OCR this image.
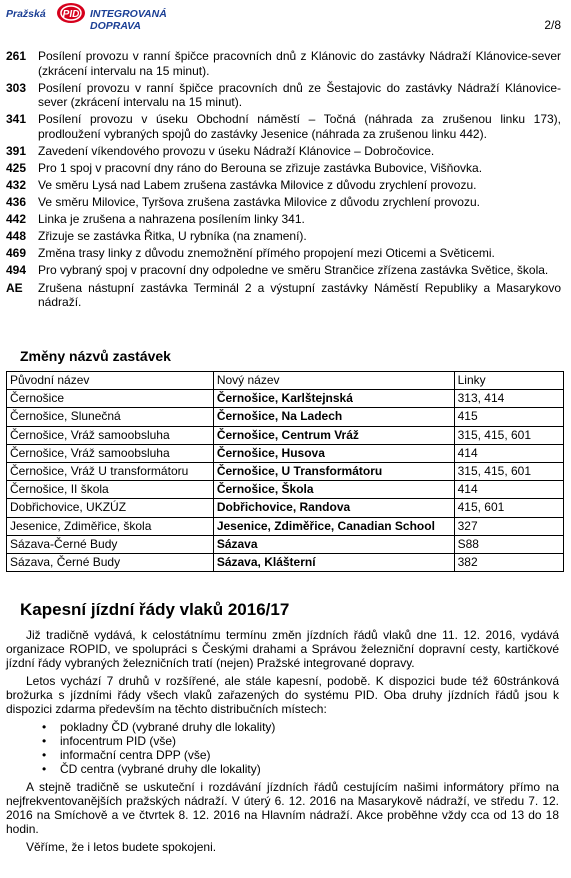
Pražská PID INTEGROVANÁ DOPRAVA	2/8
261 Posílení provozu v ranní špičce pracovních dnů z Klánovic do zastávky Nádraží Klánovice-sever (zkrácení intervalu na 15 minut).
303 Posílení provozu v ranní špičce pracovních dnů ze Šestajovic do zastávky Nádraží Klánovice-sever (zkrácení intervalu na 15 minut).
341 Posílení provozu v úseku Obchodní náměstí – Točná (náhrada za zrušenou linku 173), prodloužení vybraných spojů do zastávky Jesenice (náhrada za zrušenou linku 442).
391 Zavedení víkendového provozu v úseku Nádraží Klánovice – Dobročovice.
425 Pro 1 spoj v pracovní dny ráno do Berouna se zřizuje zastávka Bubovice, Višňovka.
432 Ve směru Lysá nad Labem zrušena zastávka Milovice z důvodu zrychlení provozu.
436 Ve směru Milovice, Tyršova zrušena zastávka Milovice z důvodu zrychlení provozu.
442 Linka je zrušena a nahrazena posílením linky 341.
448 Zřizuje se zastávka Řitka, U rybníka (na znamení).
469 Změna trasy linky z důvodu znemožnění přímého propojení mezi Oticemi a Světicemi.
494 Pro vybraný spoj v pracovní dny odpoledne ve směru Strančice zřízena zastávka Světice, škola.
AE	Zrušena nástupní zastávka Terminál 2 a výstupní zastávky Náměstí Republiky a Masarykovo nádraží.
Změny názvů zastávek
Původní název	Nový název	Linky
Černošice	Černošice, Karlštejnská	313, 414
Černošice, Slunečná	Černošice, Na Ladech	415
Černošice, Vráž samoobsluha	Černošice, Centrum Vráž	315, 415, 601
Černošice, Vráž samoobsluha	Černošice, Husova	414
Černošice, Vráž U transformátoru	Černošice, U Transformátoru	315, 415, 601
Černošice, II škola	Černošice, Škola	414
Dobřichovice, UKZÚZ	Dobřichovice, Randova	415, 601
Jesenice, Zdiměřice, škola	Jesenice, Zdiměřice, Canadian School	327
Sázava-Černé Budy	Sázava	S88
Sázava, Černé Budy	Sázava, Klášterní	382
Kapesní jízdní řády vlaků 2016/17

Již tradičně vydává, k celostátnímu termínu změn jízdních řádů vlaků dne 11. 12. 2016, vydává organizace ROPID, ve spolupráci s Českými drahami a Správou železniční dopravní cesty, kartičkové jízdní řády vybraných železničních tratí (nejen) Pražské integrované dopravy.

Letos vychází 7 druhů v rozšířené, ale stále kapesní, podobě. K dispozici bude též 60stránková brožurka s jízdními řády všech vlaků zařazených do systému PID. Oba druhy jízdních řádů jsou k dispozici zdarma především na těchto distribučních místech:

• pokladny ČD (vybrané druhy dle lokality)
• infocentrum PID (vše)
• informační centra DPP (vše)
• ČD centra (vybrané druhy dle lokality)

A stejně tradičně se uskuteční i rozdávání jízdních řádů cestujícím našimi informátory přímo na nejfrekventovanějších pražských nádraží. V úterý 6. 12. 2016 na Masarykově nádraží, ve středu 7. 12. 2016 na Smíchově a ve čtvrtek 8. 12. 2016 na Hlavním nádraží. Akce proběhne vždy cca od 13 do 18 hodin.

Věříme, že i letos budete spokojeni.
